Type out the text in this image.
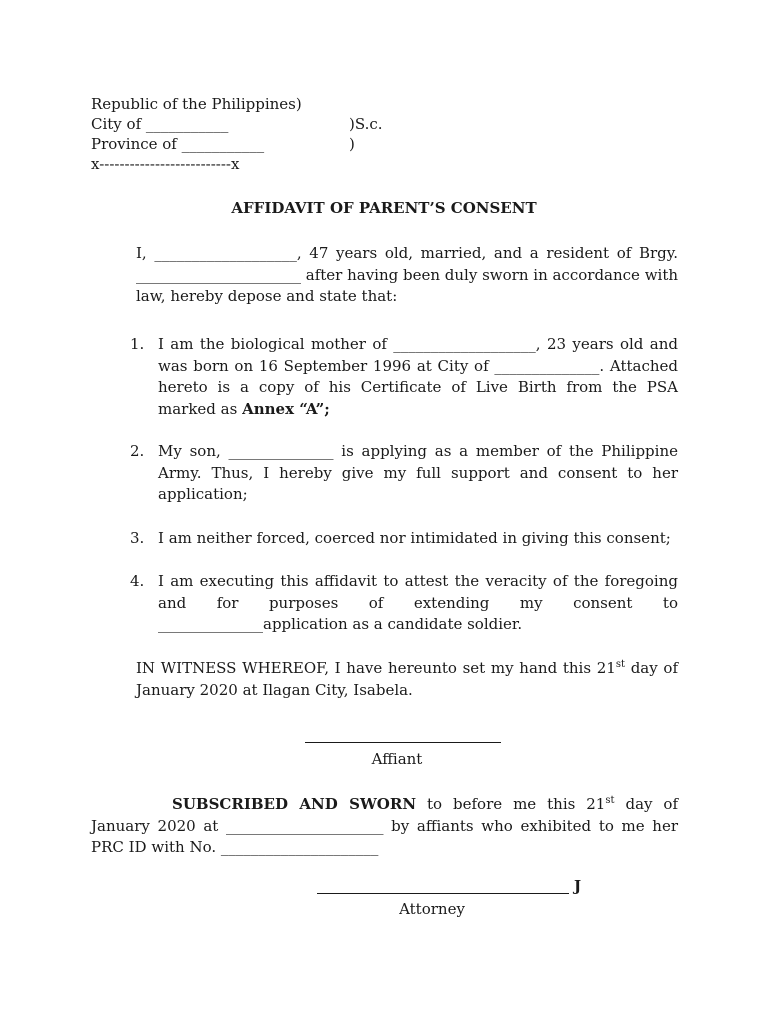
Republic of the Philippines)
City of ___________
Province of ___________
x--------------------------x
)S.c.
)
AFFIDAVIT OF PARENT’S CONSENT
I, ___________________, 47 years old, married, and a resident of Brgy. ______________________ after having been duly sworn in accordance with law, hereby depose and state that:
1. I am the biological mother of ___________________, 23 years old and was born on 16 September 1996 at City of ______________. Attached hereto is a copy of his Certificate of Live Birth from the PSA marked as Annex “A”;
2. My son, ______________ is applying as a member of the Philippine Army. Thus, I hereby give my full support and consent to her application;
3. I am neither forced, coerced nor intimidated in giving this consent;
4. I am executing this affidavit to attest the veracity of the foregoing
and for purposes of extending my consent to
______________application as a candidate soldier.
IN WITNESS WHEREOF, I have hereunto set my hand this 21st day of January 2020 at Ilagan City, Isabela.
Affiant
SUBSCRIBED AND SWORN to before me this 21st day of January 2020 at _____________________ by affiants who exhibited to me her PRC ID with No. _____________________
J
Attorney
